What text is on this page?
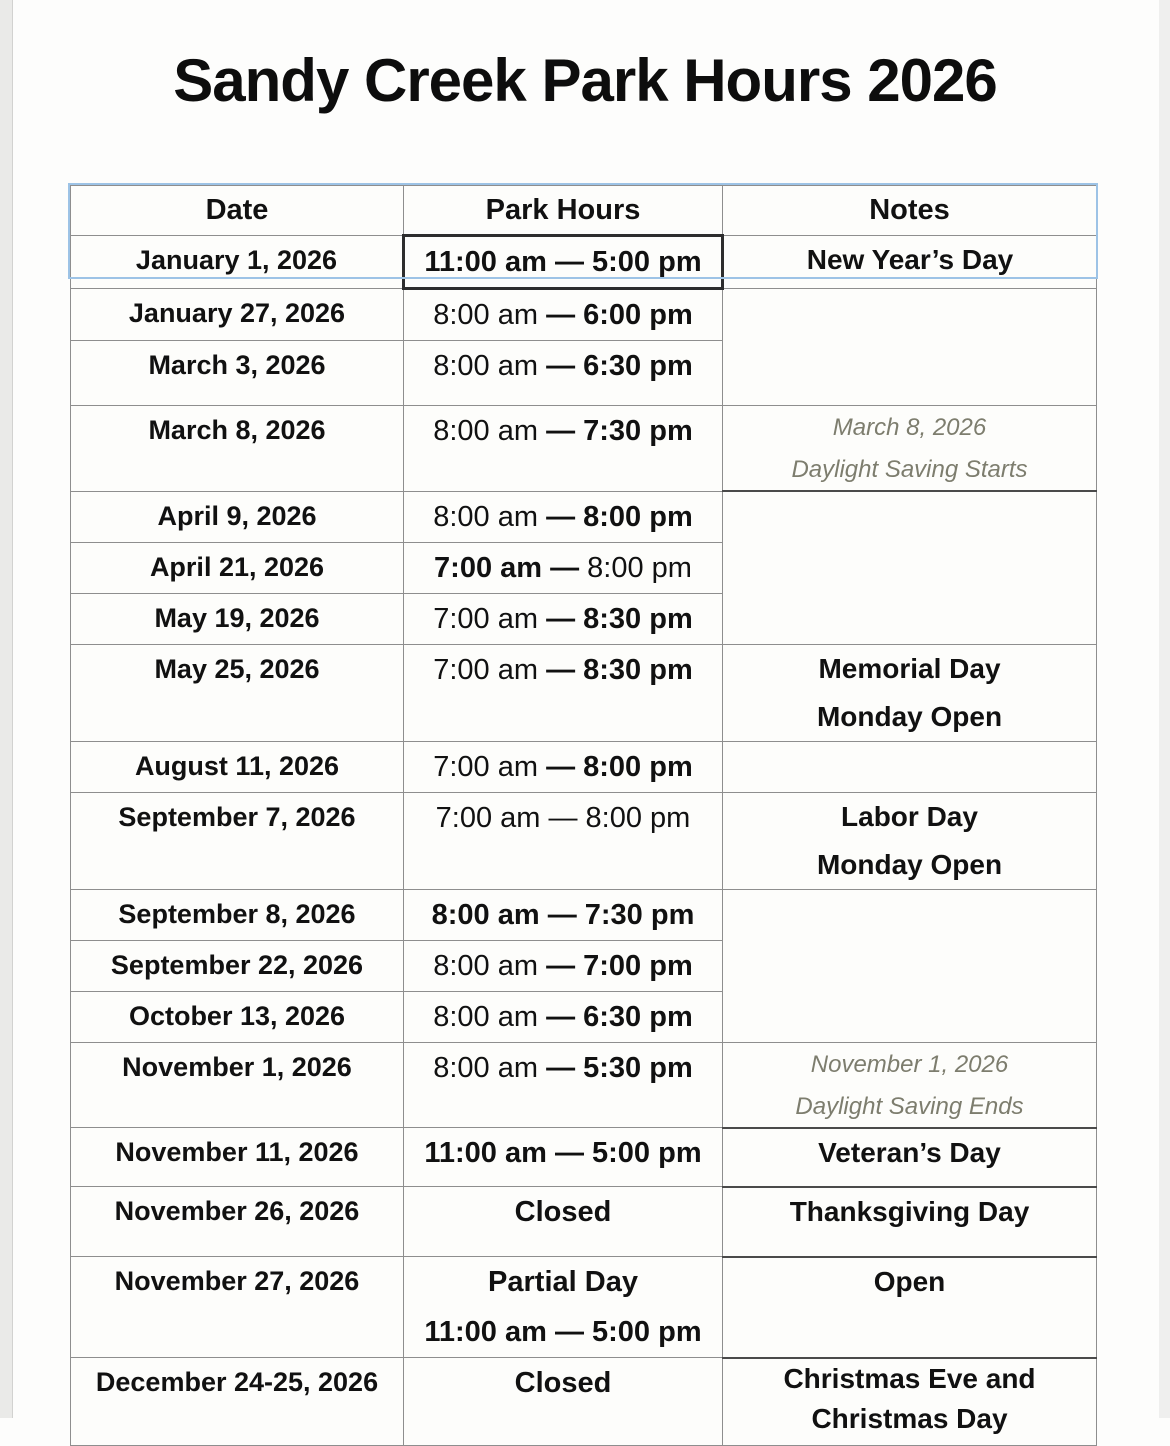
Sandy Creek Park Hours 2026
Date	Park Hours	Notes

January 1, 2026	11:00 am — 5:00 pm	New Year’s Day

January 27, 2026	8:00 am — 6:00 pm	

March 3, 2026	8:00 am — 6:30 pm	

March 8, 2026	8:00 am — 7:30 pm	March 8, 2026
Daylight Saving Starts

April 9, 2026	8:00 am — 8:00 pm	

April 21, 2026	7:00 am — 8:00 pm	

May 19, 2026	7:00 am — 8:30 pm	

May 25, 2026	7:00 am — 8:30 pm	Memorial Day
Monday Open

August 11, 2026	7:00 am — 8:00 pm	

September 7, 2026	7:00 am — 8:00 pm	Labor Day
Monday Open

September 8, 2026	8:00 am — 7:30 pm	

September 22, 2026	8:00 am — 7:00 pm	

October 13, 2026	8:00 am — 6:30 pm	

November 1, 2026	8:00 am — 5:30 pm	November 1, 2026
Daylight Saving Ends

November 11, 2026	11:00 am — 5:00 pm	Veteran’s Day

November 26, 2026	Closed	Thanksgiving Day

November 27, 2026	Partial Day
11:00 am — 5:00 pm	Open

December 24-25, 2026	Closed	Christmas Eve and
Christmas Day
